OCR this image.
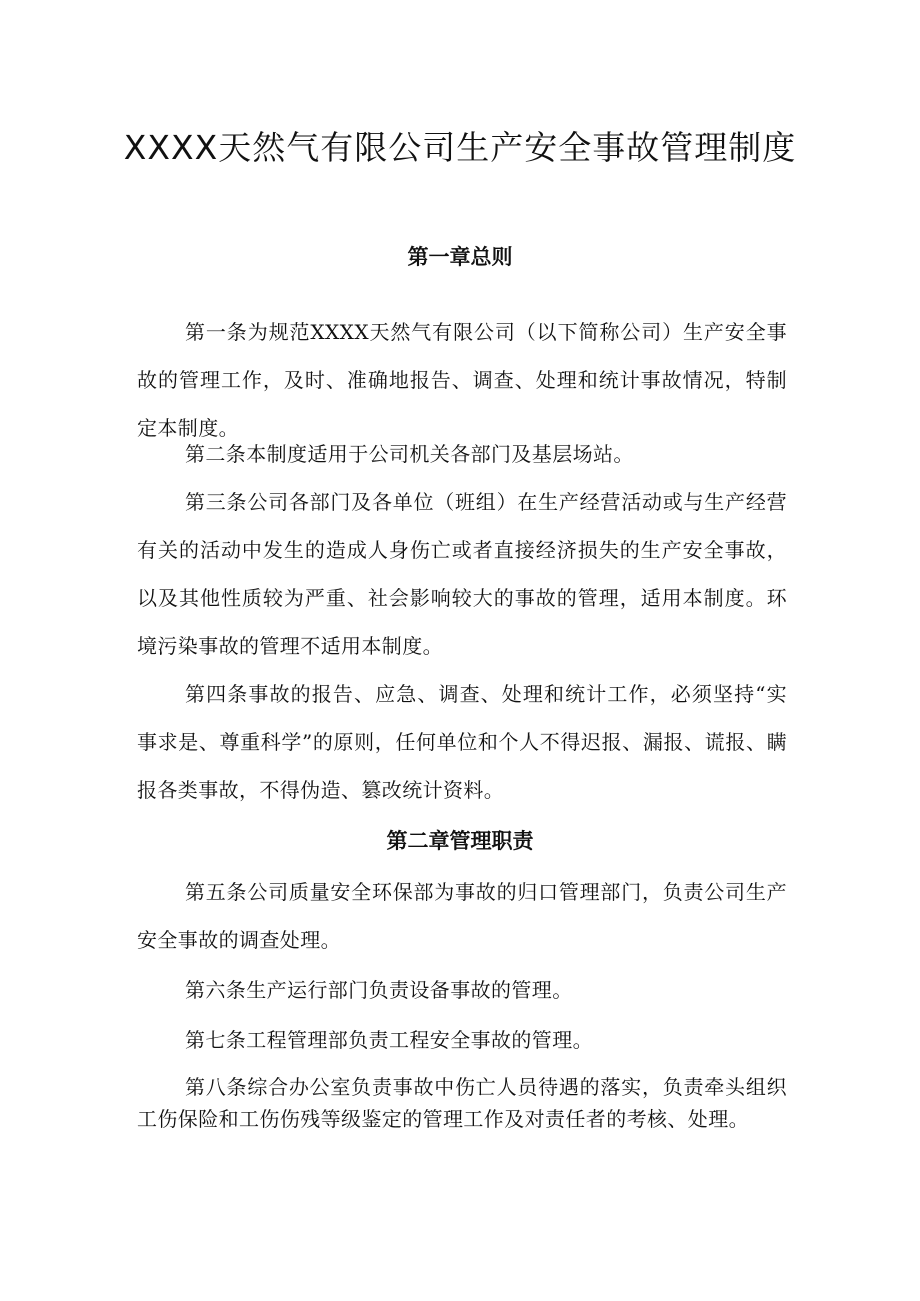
XXXX天然气有限公司生产安全事故管理制度
第一章总则

第一条为规范XXXX天然气有限公司（以下简称公司）生产安全事故的管理工作，及时、准确地报告、调查、处理和统计事故情况，特制定本制度。

第二条本制度适用于公司机关各部门及基层场站。

第三条公司各部门及各单位（班组）在生产经营活动或与生产经营有关的活动中发生的造成人身伤亡或者直接经济损失的生产安全事故，以及其他性质较为严重、社会影响较大的事故的管理，适用本制度。环境污染事故的管理不适用本制度。

第四条事故的报告、应急、调查、处理和统计工作，必须坚持“实事求是、尊重科学”的原则，任何单位和个人不得迟报、漏报、谎报、瞒报各类事故，不得伪造、篡改统计资料。

第二章管理职责

第五条公司质量安全环保部为事故的归口管理部门，负责公司生产安全事故的调查处理。

第六条生产运行部门负责设备事故的管理。

第七条工程管理部负责工程安全事故的管理。

第八条综合办公室负责事故中伤亡人员待遇的落实，负责牵头组织工伤保险和工伤伤残等级鉴定的管理工作及对责任者的考核、处理。
